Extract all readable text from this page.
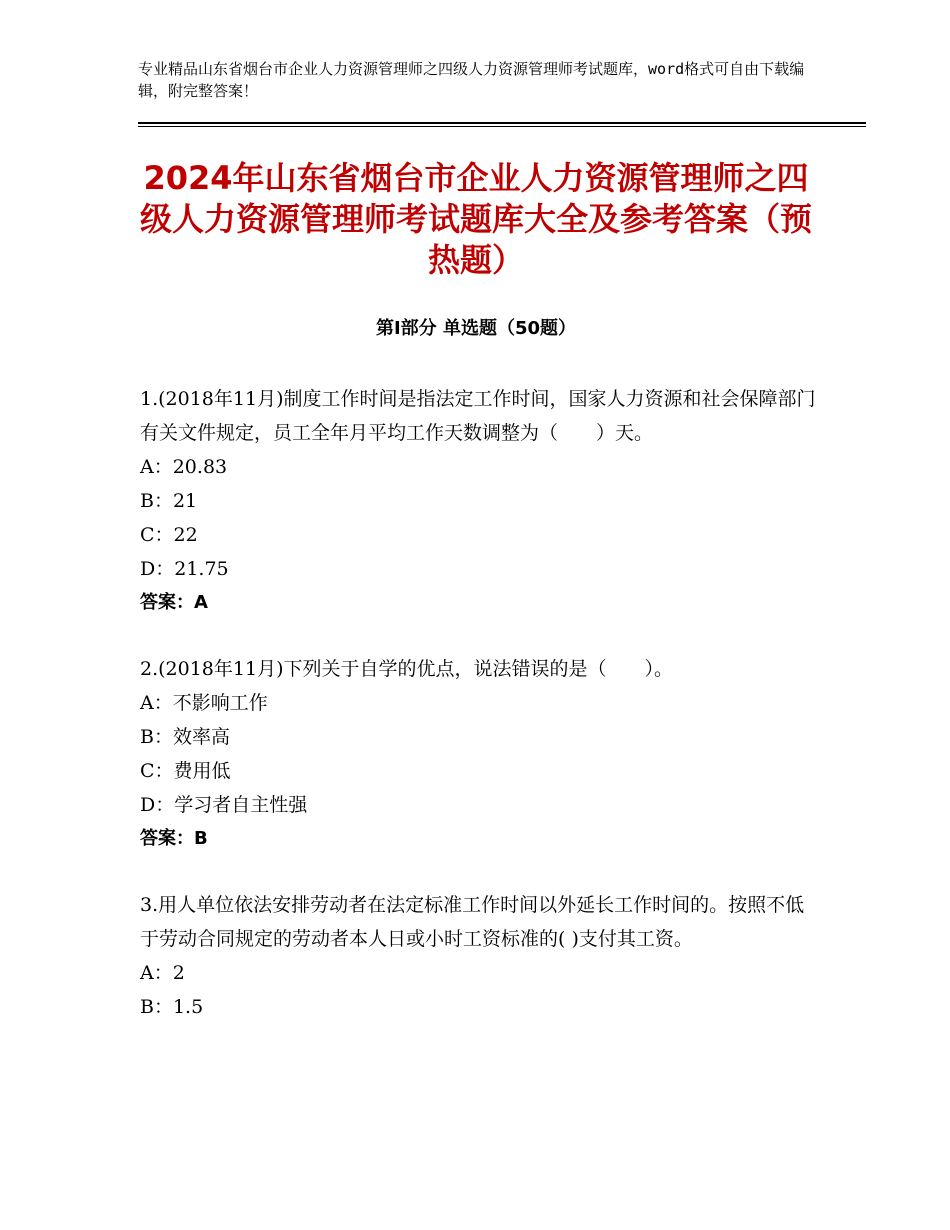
专业精品山东省烟台市企业人力资源管理师之四级人力资源管理师考试题库，word格式可自由下载编辑，附完整答案！
2024年山东省烟台市企业人力资源管理师之四级人力资源管理师考试题库大全及参考答案（预热题）
第Ⅰ部分 单选题（50题）

1.(2018年11月)制度工作时间是指法定工作时间，国家人力资源和社会保障部门有关文件规定，员工全年月平均工作天数调整为（　　）天。

A：20.83

B：21

C：22

D：21.75

答案：A

2.(2018年11月)下列关于自学的优点，说法错误的是（　　）。

A：不影响工作

B：效率高

C：费用低

D：学习者自主性强

答案：B

3.用人单位依法安排劳动者在法定标准工作时间以外延长工作时间的。按照不低于劳动合同规定的劳动者本人日或小时工资标准的( )支付其工资。

A：2

B：1.5
